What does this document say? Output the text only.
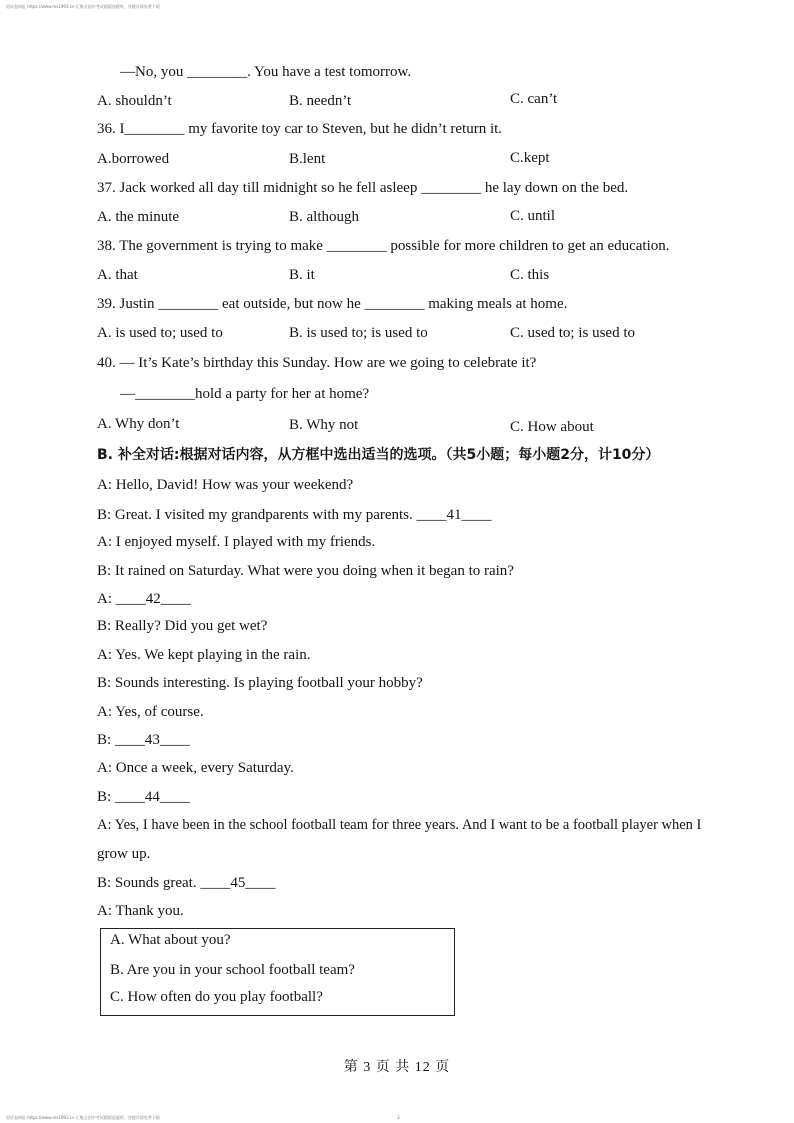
原试卷网址 https://www.ms1993.cn 汇集全国中考试题精选题库，答题详情免费下载
—No, you ________. You have a test tomorrow.
A. shouldn’t	B. needn’t	C. can’t
36. I________ my favorite toy car to Steven, but he didn’t return it.
A.borrowed	B.lent	C.kept
37. Jack worked all day till midnight so he fell asleep ________ he lay down on the bed.
A. the minute	B. although	C. until
38. The government is trying to make ________ possible for more children to get an education.
A. that	B. it	C. this
39. Justin ________ eat outside, but now he ________ making meals at home.
A. is used to; used to	B. is used to; is used to	C. used to; is used to
40. — It’s Kate’s birthday this Sunday. How are we going to celebrate it?
—________hold a party for her at home?
A. Why don’t	B. Why not	C. How about
B. 补全对话:根据对话内容，从方框中选出适当的选项。（共5小题；每小题2分，计10分）
A: Hello, David! How was your weekend?
B: Great. I visited my grandparents with my parents. ____41____
A: I enjoyed myself. I played with my friends.
B: It rained on Saturday. What were you doing when it began to rain?
A: ____42____
B: Really? Did you get wet?
A: Yes. We kept playing in the rain.
B: Sounds interesting. Is playing football your hobby?
A: Yes, of course.
B: ____43____
A: Once a week, every Saturday.
B: ____44____
A: Yes, I have been in the school football team for three years. And I want to be a football player when I
grow up.
B: Sounds great. ____45____
A: Thank you.
A. What about you?
B. Are you in your school football team?
C. How often do you play football?
第 3 页 共 12 页
原试卷网址 https://www.ms1993.cn 汇集全国中考试题精选题库，答题详情免费下载	3
